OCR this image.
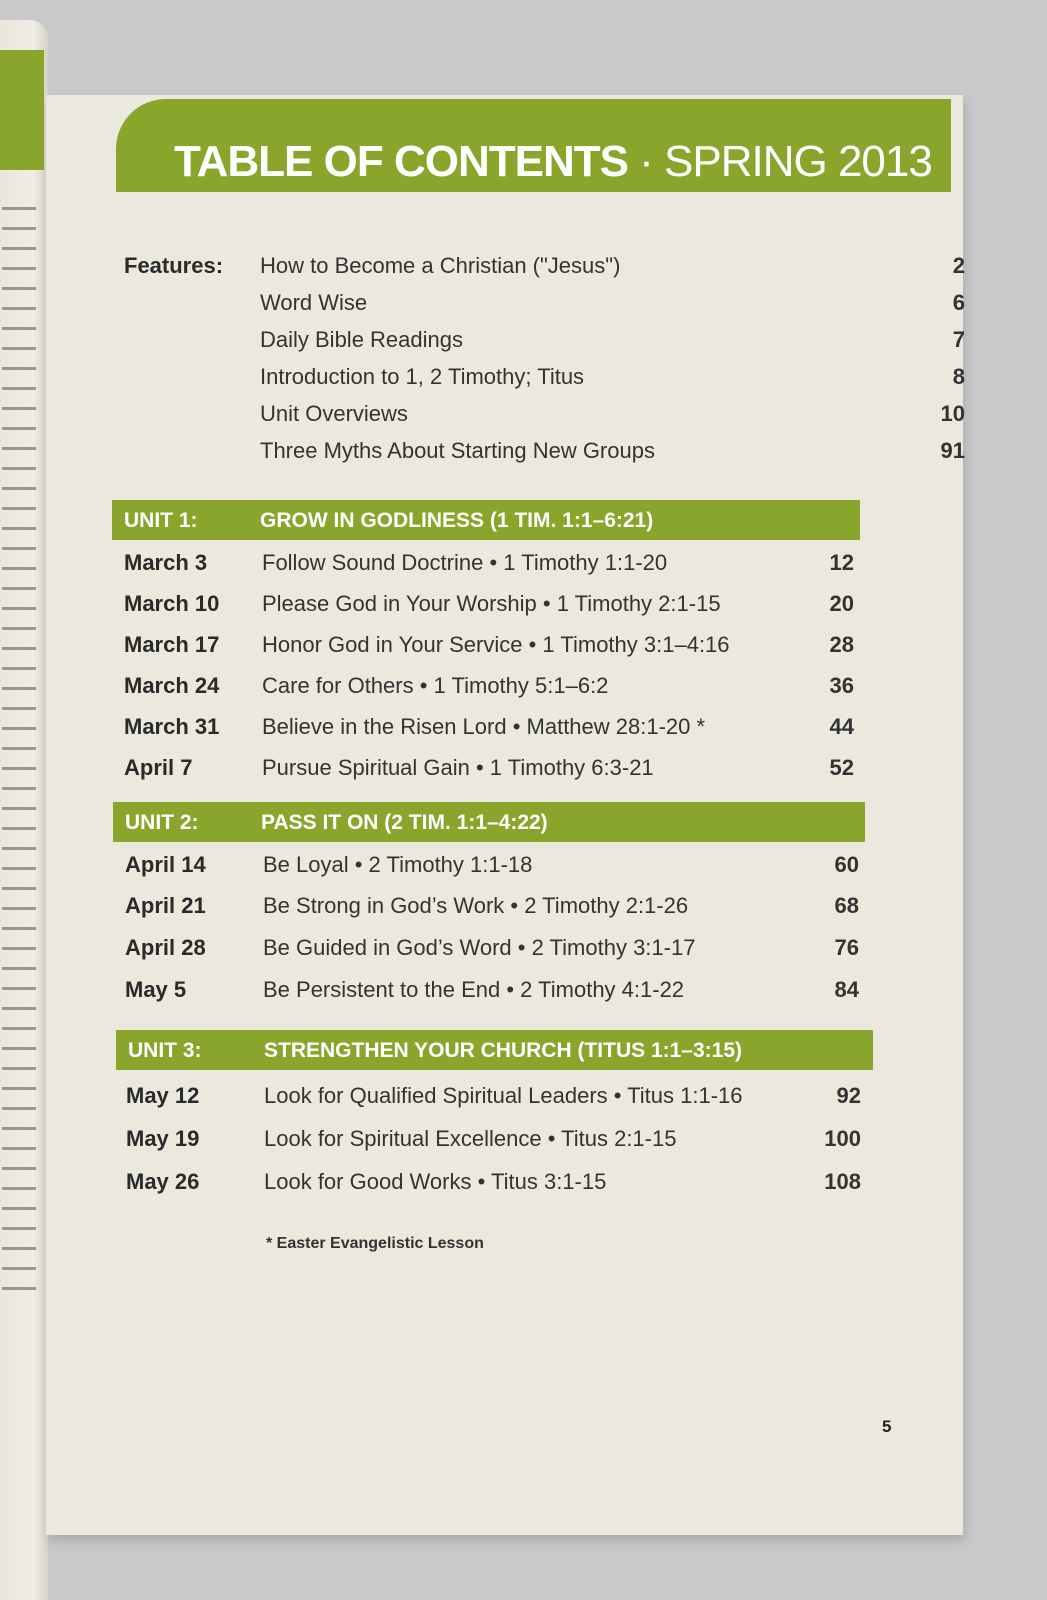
TABLE OF CONTENTS · SPRING 2013
Features: How to Become a Christian ("Jesus")	2
Word Wise	6
Daily Bible Readings	7
Introduction to 1, 2 Timothy; Titus	8
Unit Overviews	10
Three Myths About Starting New Groups	91
UNIT 1:	GROW IN GODLINESS (1 TIM. 1:1–6:21)
March 3 Follow Sound Doctrine • 1 Timothy 1:1-20	12
March 10 Please God in Your Worship • 1 Timothy 2:1-15	20
March 17 Honor God in Your Service • 1 Timothy 3:1–4:16	28
March 24 Care for Others • 1 Timothy 5:1–6:2	36
March 31 Believe in the Risen Lord • Matthew 28:1-20 *	44
April 7	Pursue Spiritual Gain • 1 Timothy 6:3-21	52
UNIT 2:	PASS IT ON (2 TIM. 1:1–4:22)
April 14	Be Loyal • 2 Timothy 1:1-18	60
April 21	Be Strong in God’s Work • 2 Timothy 2:1-26	68
April 28	Be Guided in God’s Word • 2 Timothy 3:1-17	76
May 5	Be Persistent to the End • 2 Timothy 4:1-22	84
UNIT 3:	STRENGTHEN YOUR CHURCH (TITUS 1:1–3:15)
May 12	Look for Qualified Spiritual Leaders • Titus 1:1-16	92
May 19	Look for Spiritual Excellence • Titus 2:1-15	100
May 26	Look for Good Works • Titus 3:1-15	108
* Easter Evangelistic Lesson
5
